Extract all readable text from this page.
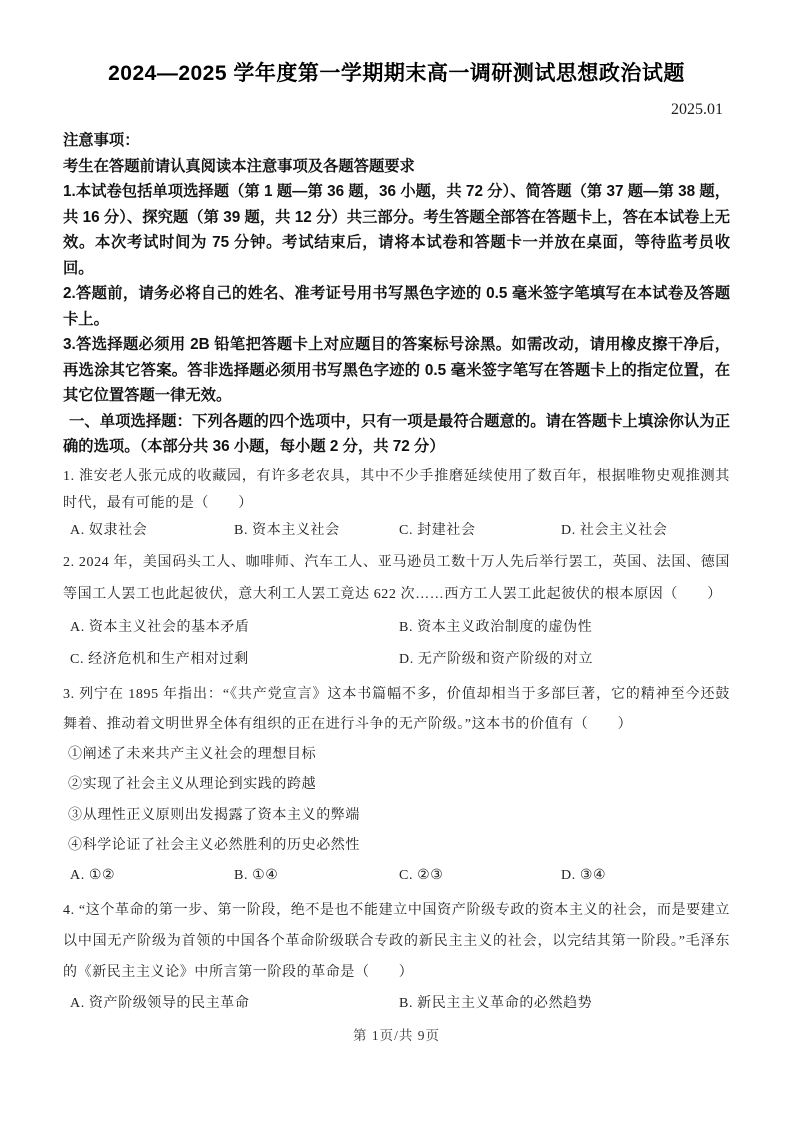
2024—2025 学年度第一学期期末高一调研测试思想政治试题
2025.01
注意事项：
考生在答题前请认真阅读本注意事项及各题答题要求
1.本试卷包括单项选择题（第 1 题—第 36 题，36 小题，共 72 分）、简答题（第 37 题—第 38 题，共 16 分）、探究题（第 39 题，共 12 分）共三部分。考生答题全部答在答题卡上，答在本试卷上无效。本次考试时间为 75 分钟。考试结束后，请将本试卷和答题卡一并放在桌面，等待监考员收回。
2.答题前，请务必将自己的姓名、准考证号用书写黑色字迹的 0.5 毫米签字笔填写在本试卷及答题卡上。
3.答选择题必须用 2B 铅笔把答题卡上对应题目的答案标号涂黑。如需改动，请用橡皮擦干净后，再选涂其它答案。答非选择题必须用书写黑色字迹的 0.5 毫米签字笔写在答题卡上的指定位置，在其它位置答题一律无效。
一、单项选择题：下列各题的四个选项中，只有一项是最符合题意的。请在答题卡上填涂你认为正确的选项。（本部分共 36 小题，每小题 2 分，共 72 分）
1. 淮安老人张元成的收藏园，有许多老农具，其中不少手推磨延续使用了数百年，根据唯物史观推测其时代，最有可能的是（　　）
A. 奴隶社会	B. 资本主义社会	C. 封建社会	D. 社会主义社会
2. 2024 年，美国码头工人、咖啡师、汽车工人、亚马逊员工数十万人先后举行罢工，英国、法国、德国等国工人罢工也此起彼伏，意大利工人罢工竟达 622 次……西方工人罢工此起彼伏的根本原因（　　）
A. 资本主义社会的基本矛盾	B. 资本主义政治制度的虚伪性
C. 经济危机和生产相对过剩	D. 无产阶级和资产阶级的对立
3. 列宁在 1895 年指出：“《共产党宣言》这本书篇幅不多，价值却相当于多部巨著，它的精神至今还鼓舞着、推动着文明世界全体有组织的正在进行斗争的无产阶级。”这本书的价值有（　　）
①阐述了未来共产主义社会的理想目标
②实现了社会主义从理论到实践的跨越
③从理性正义原则出发揭露了资本主义的弊端
④科学论证了社会主义必然胜利的历史必然性
A. ①②	B. ①④	C. ②③	D. ③④
4. “这个革命的第一步、第一阶段，绝不是也不能建立中国资产阶级专政的资本主义的社会，而是要建立以中国无产阶级为首领的中国各个革命阶级联合专政的新民主主义的社会，以完结其第一阶段。”毛泽东的《新民主主义论》中所言第一阶段的革命是（　　）
A. 资产阶级领导的民主革命	B. 新民主主义革命的必然趋势
第 1页/共 9页
